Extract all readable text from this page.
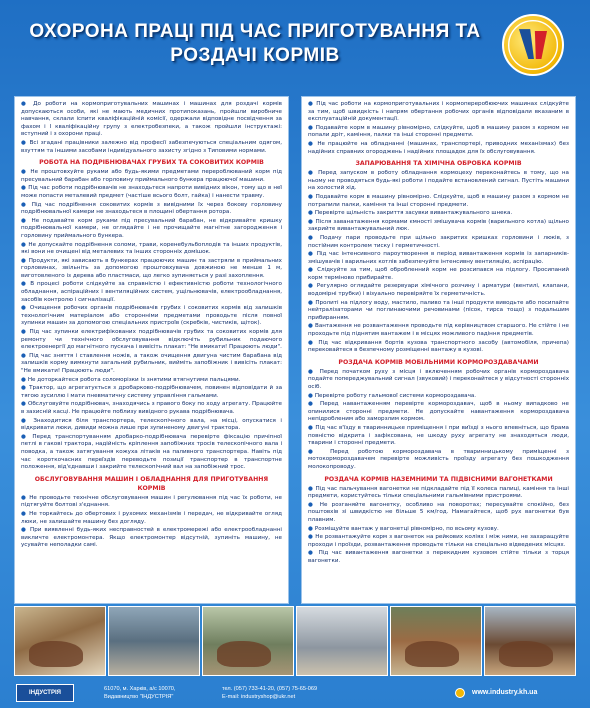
ОХОРОНА ПРАЦІ ПІД ЧАС ПРИГОТУВАННЯ ТА РОЗДАЧІ КОРМІВ

● До роботи на кормоприготувальних машинах і машинах для роздачі кормів допускаються особи, які не мають медичних протипоказань, пройшли виробниче навчання, склали іспити кваліфікаційній комісії, одержали відповідне посвідчення за фахом і І кваліфікаційну групу з електробезпеки, а також пройшли інструктажі: вступний і з охорони праці.

● Всі згадані працівники залежно від професії забезпечуються спеціальним одягом, взуттям та іншими засобами індивідуального захисту згідно з Типовими нормами.

РОБОТА НА ПОДРІБНЮВАЧАХ ГРУБИХ ТА СОКОВИТИХ КОРМІВ

● Не проштовхуйте руками або будь-якими предметами перероблюваний корм під пресувальний барабан або горловину приймального бункера працюючої машини.

● Під час роботи подрібнювачів не знаходьтеся напроти вивідних вікон, тому що в неї може попасти металевий предмет (частіше всього болт, гайка) і нанести травму.

● Під час подрібнення соковитих кормів з вивідними їх через бокову горловину подрібнювальної камери не знаходьтеся в площині обертання ротора.

● Не подавайте корм руками під пресувальний барабан, не відкривайте кришку подрібнювальної камери, не оглядайте і не прочищайте магнітне загородження і горловину приймального бункера.

● Не допускайте подрібнення соломи, трави, коренебульбоплодів та інших продуктів, які вони не очищені від металевих та інших сторонніх домішок.

● Продукти, які зависають в бункерах працюючих машин та застряли в приймальних горловинах, звільніть за допомогою проштовхувача довжиною не менше 1 м, виготовленого із дерева або пластмаси, що легко зупиняється у разі захоплення.

● В процесі роботи слідкуйте за справністю і ефективністю роботи технологічного обладнання, аспіраційних і вентиляційних систем, ущільнювачів, електрообладнання, засобів контролю і сигналізації.

● Очищення робочих органів подрібнювачів грубих і соковитих кормів від залишків технологічним матеріалом або сторонніми предметами проводьте після повної зупинки машин за допомогою спеціальних пристроїв (скребків, чистиків, щіток).

● Під час зупинки електрифікованих подрібнювачів грубих та соковитих кормів для ремонту чи технічного обслуговування відключіть рубильник подаючого електроенергії до магнітного пускача і вивісіть плакат: "Не вмикати! Працюють люди".

● Під час зняття і ставлення ножів, а також очищення двигуна чистим барабана від залишків корму вимкнути загальний рубильник, вийміть запобіжник і вивісіть плакат: "Не вмикати! Працюють люди".

● Не доторкайтеся робота соломорізки із знятими втягнутими пальцями.

● Трактор, що агрегатується з дробарково-подрібнювачем, повинен відповідати й за тягою зусиллю і мати пневматичну систему управління гальмами.

● Обслуговуйте подрібнювач, знаходячись з правого боку по ходу агрегату. Працюйте в захисній касці. Не працюйте поблизу вивідного рукава подрібнювача.

● Знаходитися біля транспортера, телескопічного вала, на місці, опускатися і відкривати люки, дивиди можна лише при зупиненому двигуні трактора.

● Перед транспортуванням дробарко-подрібнювача перевірте фіксацію причіпної петлі в гакові трактора, надійність кріплення запобіжних тросів телескопічного вала і поводка, а також затягування кожуха літаків на паливного транспортера. Навіть під час короткочасних переїздів переводьте позиції транспортер в транспортне положення, від'єднавши і закрийте телескопічний вал на запобіжний трос.

ОБСЛУГОВУВАННЯ МАШИН І ОБЛАДНАННЯ ДЛЯ ПРИГОТУВАННЯ КОРМІВ

● Не проводьте технічне обслуговування машин і регулювання під час їх роботи, не підтягуйте болтові з'єднання.

● Не торкайтесь до обертових і рухомих механізмів і передач, не відкривайте огляд люки, не залишайте машину без догляду.

● При виявленні будь-яких несправностей в електромережі або електрообладнанні викличте електромонтера. Якщо електромонтер відсутній, зупиніть машину, не усувайте неполадки самі.

● Під час роботи на кормоприготувальних і кормопереробюючих машинах слідкуйте за тим, щоб швидкість і напрям обертання робочих органів відповідали вказаним в експлуатаційній документації.

● Подавайте корм в машину рівномірно, слідкуйте, щоб в машину разом з кормом не попали дріт, каміння, палки та інші сторонні предмети.

● Не працюйте на обладнанні (машинах, транспортері, приводних механізмах) без надійних справних огороджень і надійних площадок для їх обслуговування.

ЗАПАРЮВАННЯ ТА ХІМІЧНА ОБРОБКА КОРМІВ

● Перед запуском в роботу обладнання кормоцеху переконайтесь в тому, що на ньому не проводяться будь-які роботи і подайте встановлений сигнал. Пустіть машини на холостий хід.

● Подавайте корм в машину рівномірно. Слідкуйте, щоб в машину разом з кормом не потрапили палки, каміння та інші сторонні предмети.

● Перевірте щільність закриття засувки вивантажувального шнека.

● Після заванатаження кормами ємності змішувача кормів (варильного котла) щільно закрийте вивантажувальний люк.

● Подачу пари проводьте при щільно закритих кришках горловини і люків, з постійним контролем тиску і герметичності.

● Під час інтенсивного пароутворення в період вивантаження кормів із запарників-змішувачів і варильних котлів забезпечуйте інтенсивну вентиляцію, аспірацію.

● Слідкуйте за тим, щоб обробленний корм не розсипався на підлогу. Просипаний корм терміново прибирайте.

● Регулярно оглядайте резервуари хімічного розчину і арматури (вентилі, клапани, водомірні трубки) і візуально перевіряйте їх герметичність.

● Пролиті на підлогу воду, мастило, паливо та інші продукти виводьте або посипайте нейтралізаторами чи поглинаючими речовинами (пісок, тирса тощо) з подальшим прибиранням.

● Вантаження не розвантаження проводьте під керівництвом старшого. Не стійте і не проходьте під піднятим вантажем і в місцях можливого падіння предметів.

● Під час відкривання бортів кузова транспортного засобу (автомобіля, причепа) перековайтеся в безпечному розміщенні вантажу в кузові.

РОЗДАЧА КОРМІВ МОБІЛЬНИМИ КОРМОРОЗДАВАЧАМИ

● Перед початком руху з місця і включенням робочих органів кормороздавача подайте попереджувальний сигнал (звуковий) і переконайтеся у відсутності сторонніх осіб.

● Перевірте роботу гальмової системи кормороздавача.

● Перед навантаженням перевірте кормороздавач, щоб в ньому випадково не опинилися сторонні предмети. Не допускайте навантаження кормороздавача непідробленим або заморзлим кормом.

● Під час в'їзду в тваринницьке приміщення і при виїзді з нього впевніться, що брама повністю відкрита і зафіксована, не шкоду руху агрегату не знаходяться люди, тварини і сторонні предмети.

● Перед роботою кормороздавача в тваринницькому приміщенні з мотокормороздавачем перевірте можливість проїзду агрегату без пошкодження молокопроводу.

РОЗДАЧА КОРМІВ НАЗЕМНИМИ ТА ПІДВІСНИМИ ВАГОНЕТКАМИ

● Під час пальчування вагонетки не підкладайте під її колеса палиці, каміння та інші предмети, користуйтесь тільки спеціальними гальмівними пристроями.

● Не розганяйте вагонетку, особливо на поворотах; пересувайте спокійно, без поштовхів зі швидкістю не більше 5 км/год. Намагайтеся, щоб рух вагонетки був плавним.

● Розміщуйте вантаж у вагонетці рівномірно, по всьому кузову.

● Не розвантажуйте корм з вагонеток на рейкових коліях і між ними, не захаращуйте проходи і проїзди, розвантаження проводьте тільки на спеціально відведених місцях.

● Під час вивантаження вагонетки з перекидним кузовом стійте тільки з торця вагонетки.

ІНДУСТРІЯ
61070, м. Харків, а/с 10070,
Видавництво "ІНДУСТРІЯ"
тел. (057) 733-41-20, (057) 75-65-069
E-mail: industryshop@ukr.net
www.industry.kh.ua
